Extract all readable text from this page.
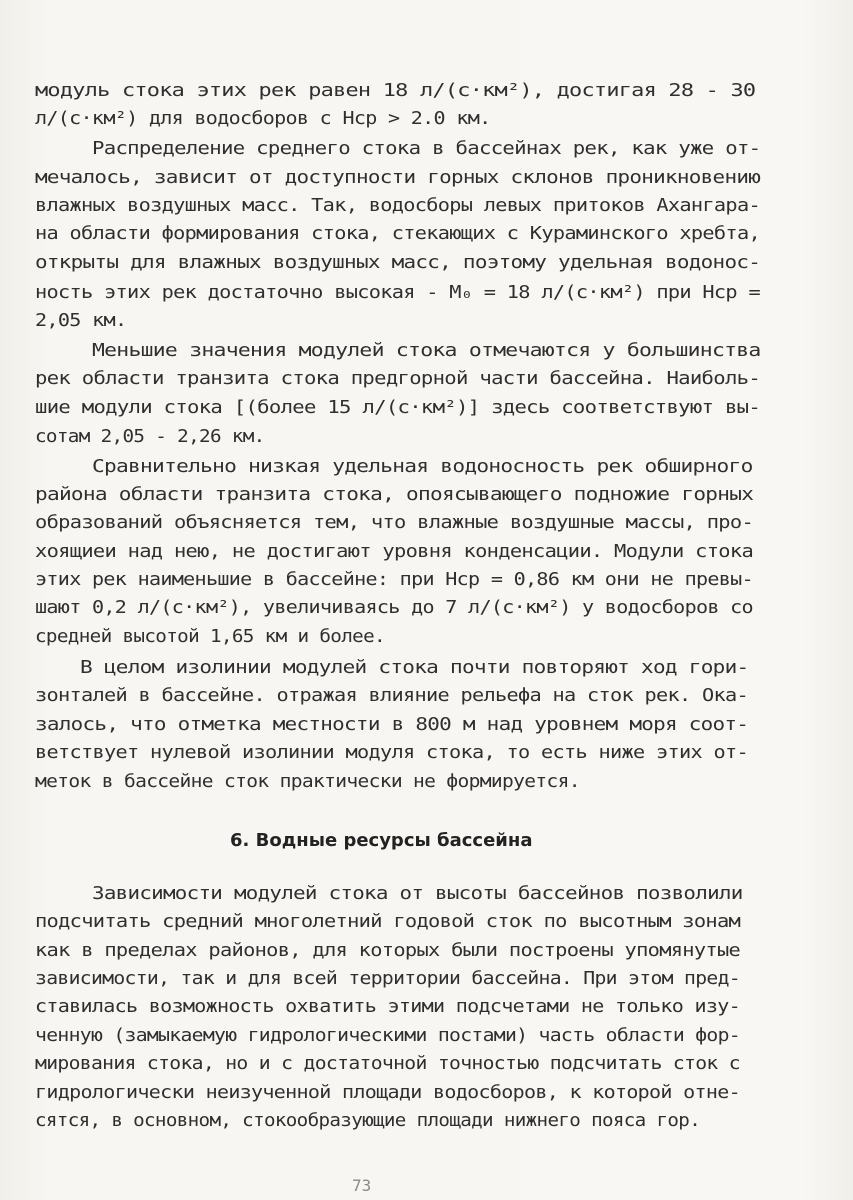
модуль стока этих рек равен 18 л/(с·км²), достигая 28 - 30
л/(с·км²) для водосборов с Hср > 2.0 км.
Распределение среднего стока в бассейнах рек, как уже от-
мечалось, зависит от доступности горных склонов проникновению
влажных воздушных масс. Так, водосборы левых притоков Ахангара-
на области формирования стока, стекающих с Кураминского хребта,
открыты для влажных воздушных масс, поэтому удельная водонос-
ность этих рек достаточно высокая - M₀ = 18 л/(с·км²) при Hср =
2,05 км.
Меньшие значения модулей стока отмечаются у большинства
рек области транзита стока предгорной части бассейна. Наиболь-
шие модули стока [(более 15 л/(с·км²)] здесь соответствуют вы-
сотам 2,05 - 2,26 км.
Сравнительно низкая удельная водоносность рек обширного
района области транзита стока, опоясывающего подножие горных
образований объясняется тем, что влажные воздушные массы, про-
хоящиеи над нею, не достигают уровня конденсации. Модули стока
этих рек наименьшие в бассейне: при Hср = 0,86 км они не превы-
шают 0,2 л/(с·км²), увеличиваясь до 7 л/(с·км²) у водосборов со
средней высотой 1,65 км и более.
В целом изолинии модулей стока почти повторяют ход гори-
зонталей в бассейне. отражая влияние рельефа на сток рек. Ока-
залось, что отметка местности в 800 м над уровнем моря соот-
ветствует нулевой изолинии модуля стока, то есть ниже этих от-
меток в бассейне сток практически не формируется.
Зависимости модулей стока от высоты бассейнов позволили
подсчитать средний многолетний годовой сток по высотным зонам
как в пределах районов, для которых были построены упомянутые
зависимости, так и для всей территории бассейна. При этом пред-
ставилась возможность охватить этими подсчетами не только изу-
ченную (замыкаемую гидрологическими постами) часть области фор-
мирования стока, но и с достаточной точностью подсчитать сток с
гидрологически неизученной площади водосборов, к которой отне-
сятся, в основном, стокообразующие площади нижнего пояса гор.
6. Водные ресурсы бассейна
73
